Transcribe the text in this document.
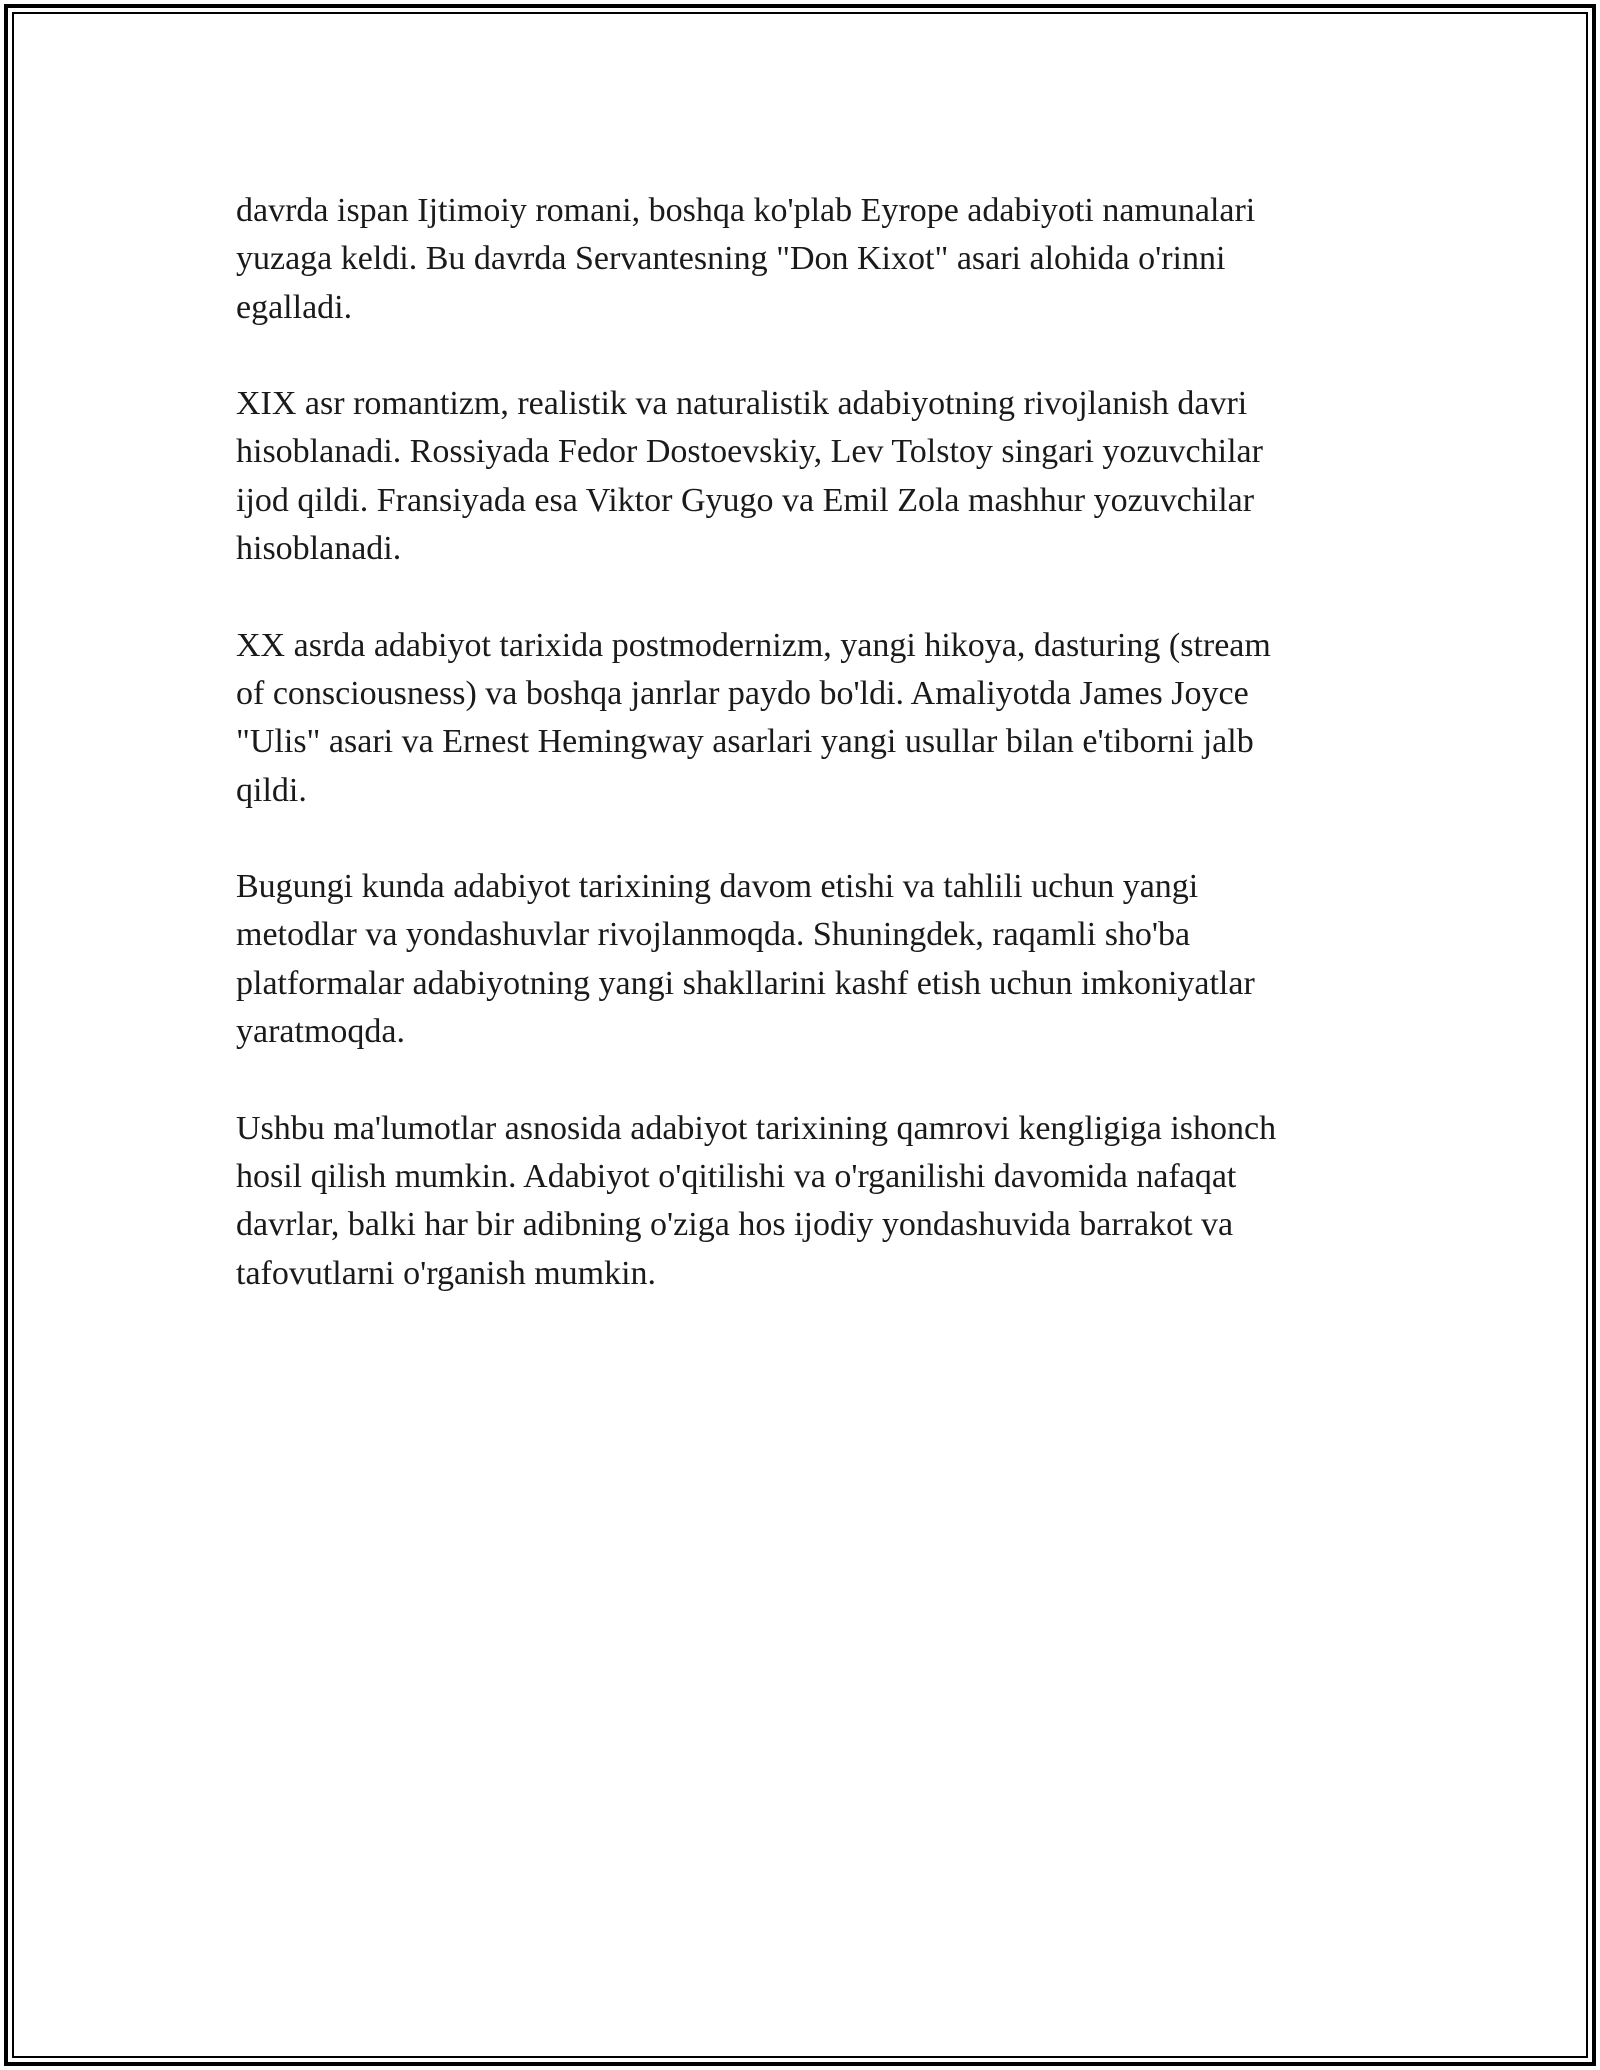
davrda ispan Ijtimoiy romani, boshqa ko'plab Eyrope adabiyoti namunalari
yuzaga keldi. Bu davrda Servantesning "Don Kixot" asari alohida o'rinni
egalladi.

XIX asr romantizm, realistik va naturalistik adabiyotning rivojlanish davri
hisoblanadi. Rossiyada Fedor Dostoevskiy, Lev Tolstoy singari yozuvchilar
ijod qildi. Fransiyada esa Viktor Gyugo va Emil Zola mashhur yozuvchilar
hisoblanadi.

XX asrda adabiyot tarixida postmodernizm, yangi hikoya, dasturing (stream
of consciousness) va boshqa janrlar paydo bo'ldi. Amaliyotda James Joyce
"Ulis" asari va Ernest Hemingway asarlari yangi usullar bilan e'tiborni jalb
qildi.

Bugungi kunda adabiyot tarixining davom etishi va tahlili uchun yangi
metodlar va yondashuvlar rivojlanmoqda. Shuningdek, raqamli sho'ba
platformalar adabiyotning yangi shakllarini kashf etish uchun imkoniyatlar
yaratmoqda.

Ushbu ma'lumotlar asnosida adabiyot tarixining qamrovi kengligiga ishonch
hosil qilish mumkin. Adabiyot o'qitilishi va o'rganilishi davomida nafaqat
davrlar, balki har bir adibning o'ziga hos ijodiy yondashuvida barrakot va
tafovutlarni o'rganish mumkin.
